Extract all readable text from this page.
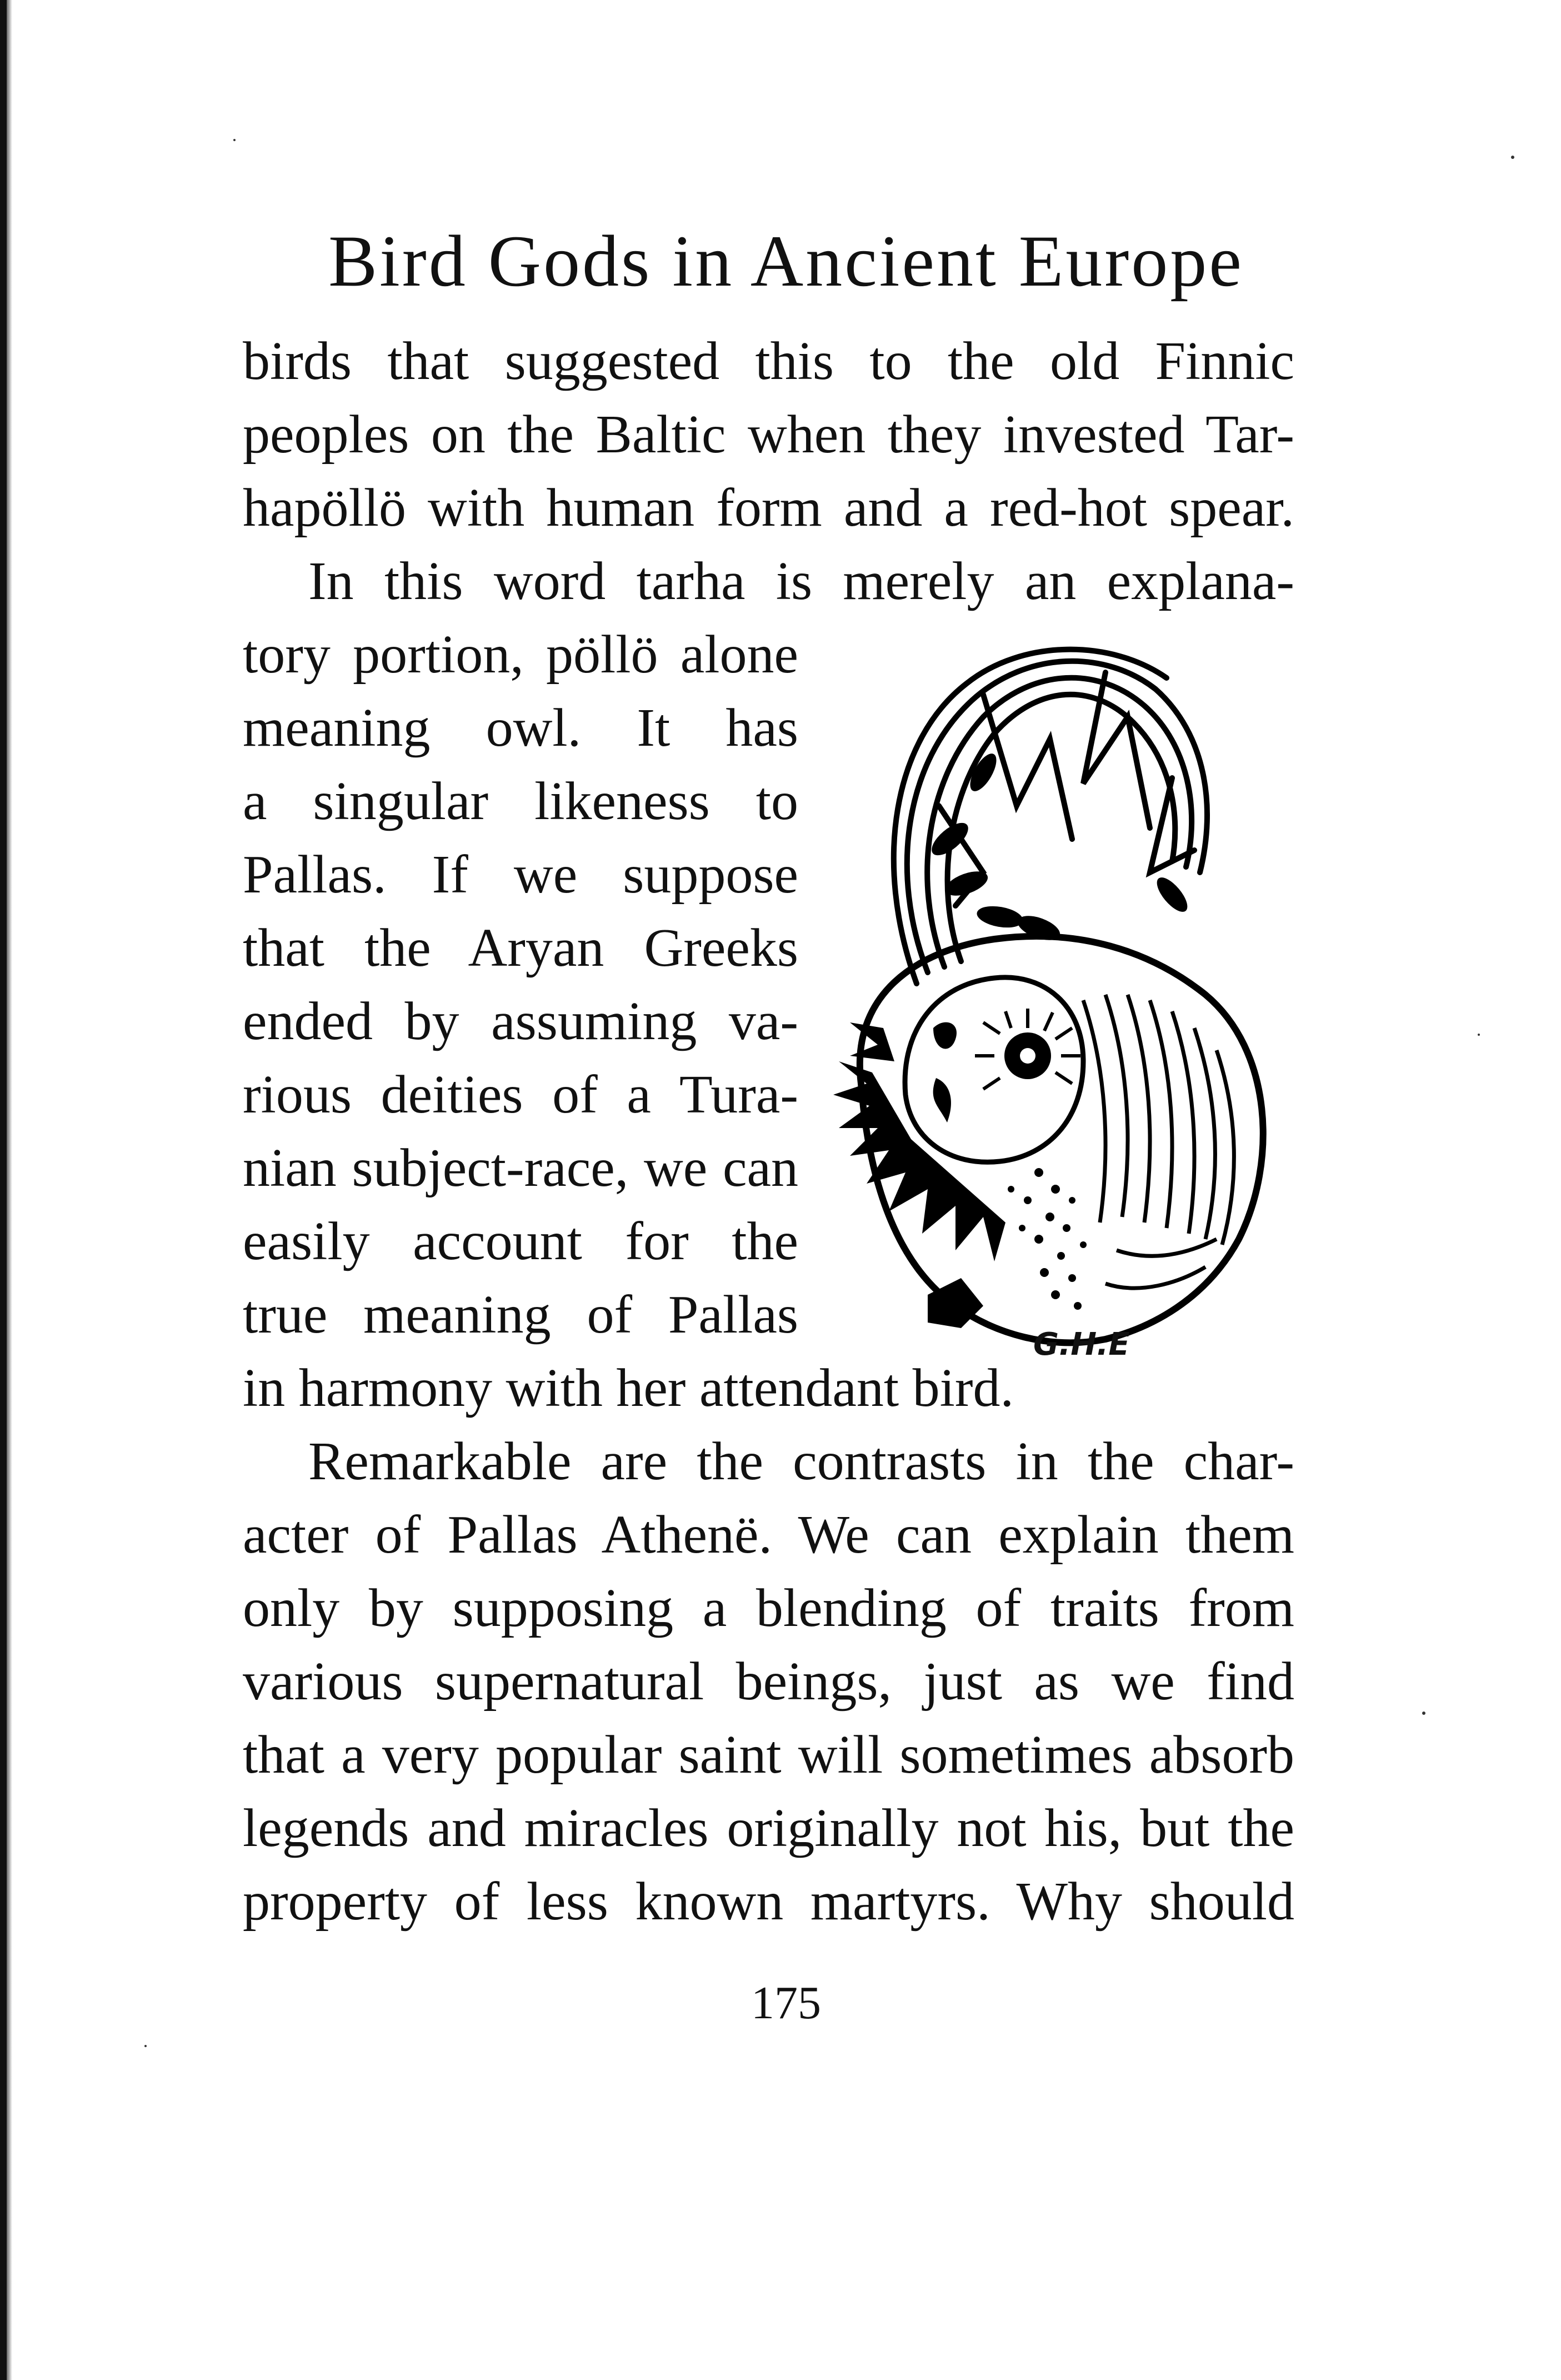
Bird Gods in Ancient Europe
birds that suggested this to the old Finnic
peoples on the Baltic when they invested Tar-
hapöllö with human form and a red-hot spear.
In this word tarha is merely an explana-
tory portion, pöllö alone
meaning owl. It has
a singular likeness to
Pallas. If we suppose
that the Aryan Greeks
ended by assuming va-
rious deities of a Tura-
nian subject-race, we can
easily account for the
true meaning of Pallas
in harmony with her attendant bird.
Remarkable are the contrasts in the char-
acter of Pallas Athenë. We can explain them
only by supposing a blending of traits from
various supernatural beings, just as we find
that a very popular saint will sometimes absorb
legends and miracles originally not his, but the
property of less known martyrs. Why should
G.H.E
175
